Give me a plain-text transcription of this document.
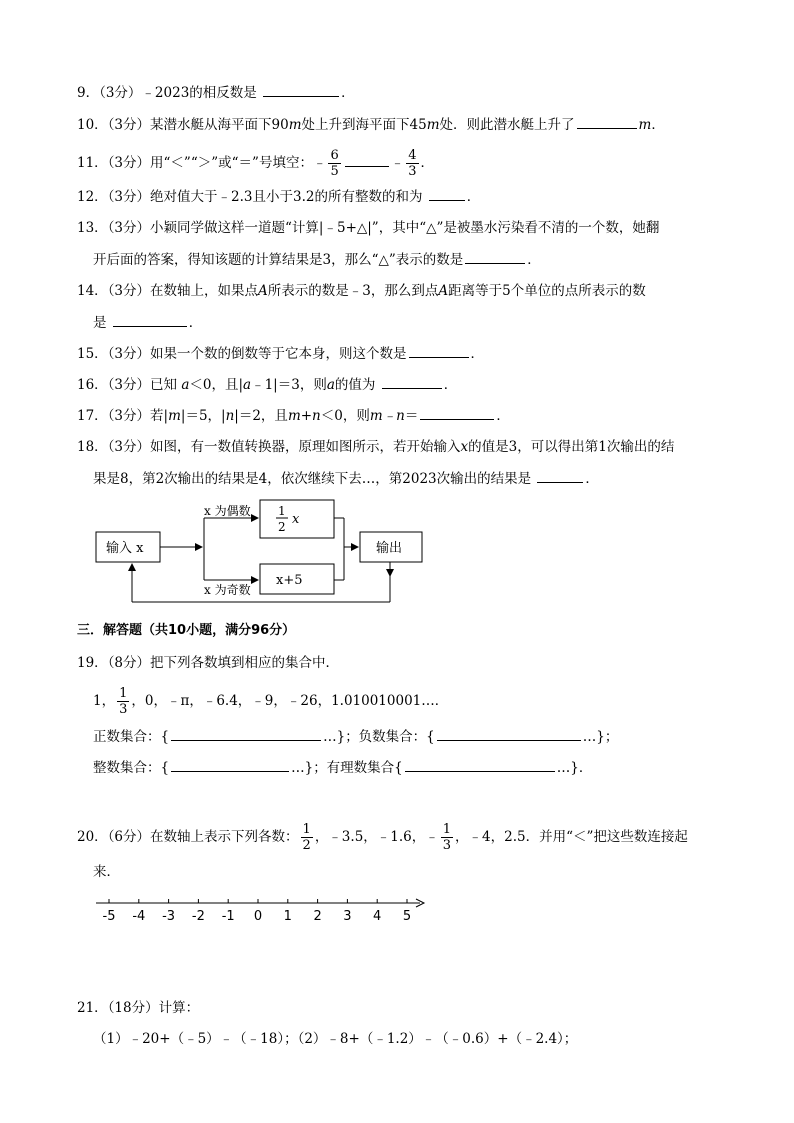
9．（3分）﹣2023的相反数是	．
10．（3分）某潜水艇从海平面下90m处上升到海平面下45m处．则此潜水艇上升了	m．
11．（3分）用“＜”“＞”或“＝”号填空：﹣ $\frac{6}{5}$	﹣ $\frac{4}{3}$ ．
12．（3分）绝对值大于﹣2.3且小于3.2的所有整数的和为	．
13．（3分）小颖同学做这样一道题“计算|﹣5+△|”，其中“△”是被墨水污染看不清的一个数，她翻
开后面的答案，得知该题的计算结果是3，那么“△”表示的数是	．
14．（3分）在数轴上，如果点A所表示的数是﹣3，那么到点A距离等于5个单位的点所表示的数
是	．
15．（3分）如果一个数的倒数等于它本身，则这个数是	．
16．（3分）已知 a＜0，且|a﹣1|＝3，则a的值为	．
17．（3分）若|m|＝5，|n|＝2，且m+n＜0，则m﹣n＝	．
18．（3分）如图，有一数值转换器，原理如图所示，若开始输入x的值是3，可以得出第1次输出的结
果是8，第2次输出的结果是4，依次继续下去…，第2023次输出的结果是	．
输入 x
x 为偶数 1
2 x
x 为奇数
x+5
输出
三．解答题（共10小题，满分96分）
19．（8分）把下列各数填到相应的集合中．
1， $\frac{1}{3}$ ，0，﹣π，﹣6.4，﹣9，﹣26，1.010010001…．
正数集合：{	…}；负数集合：{	…}；
整数集合：{	…}；有理数集合{	…}．
20．（6分）在数轴上表示下列各数： $\frac{1}{2}$ ，﹣3.5，﹣1.6，﹣ $\frac{1}{3}$ ，﹣4，2.5．并用“＜”把这些数连接起
来．
-5 -4 -3 -2 -1 0 1 2 3 4 5
21．（18分）计算：
（1）﹣20+（﹣5）﹣（﹣18）；（2）﹣8+（﹣1.2）﹣（﹣0.6）+（﹣2.4）；
